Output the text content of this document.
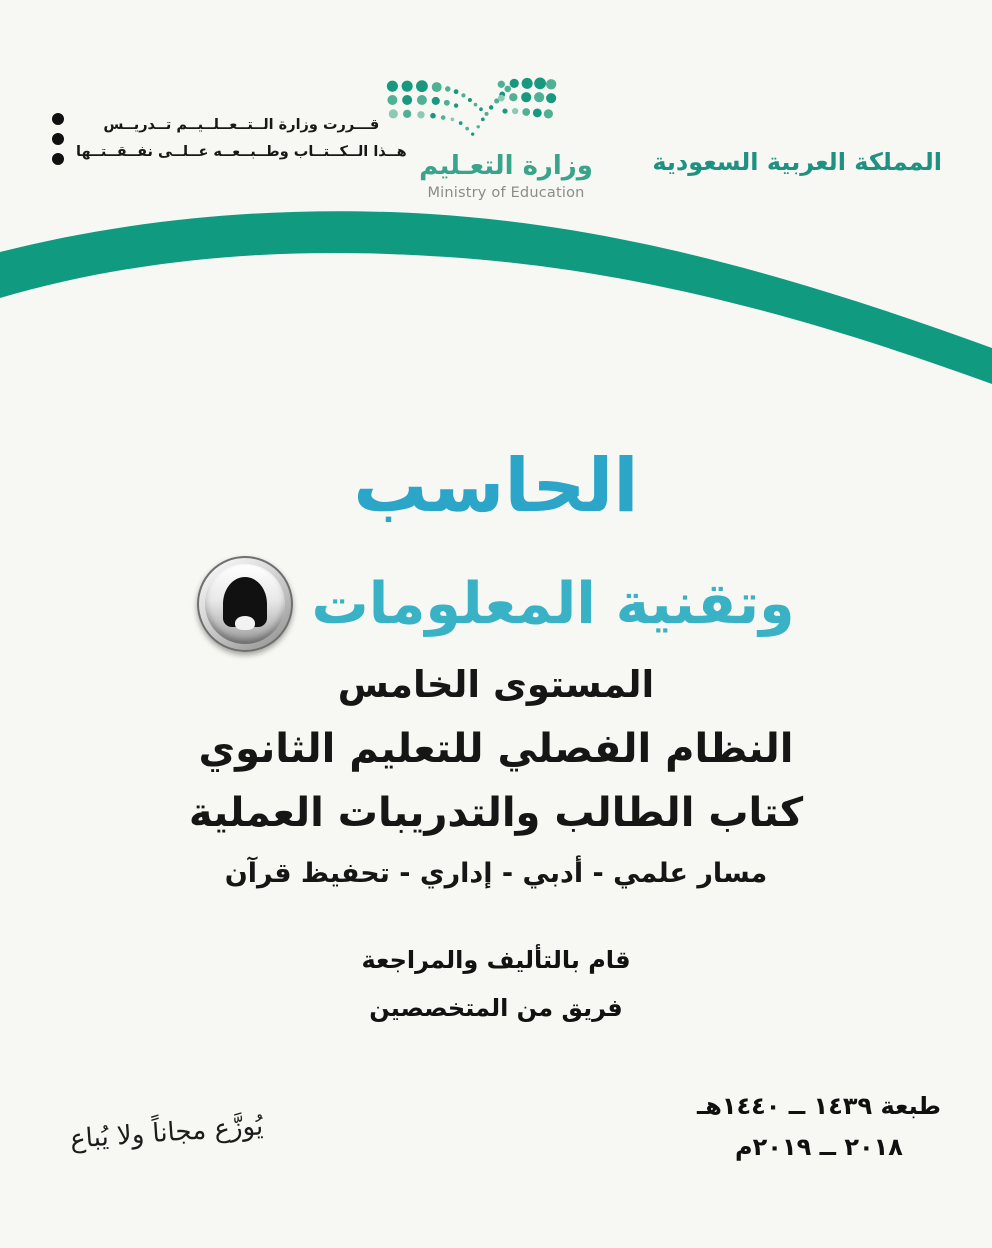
قـــررت وزارة الــتــعــلــيــم تــدريــس
هــذا الــكــتــاب وطــبــعــه عــلــى نفــقــتــها وزارة التعـليم
Ministry of Education
المملكة العربية السعودية
الحاسب
وتقنية المعلومات
المستوى الخامس
النظام الفصلي للتعليم الثانوي
كتاب الطالب والتدريبات العملية
مسار علمي - أدبي - إداري - تحفيظ قرآن
قام بالتأليف والمراجعة
فريق من المتخصصين
طبعة ١٤٣٩ ــ ١٤٤٠هـ
٢٠١٨ ــ ٢٠١٩م
يُوزَّع مجاناً ولا يُباع
